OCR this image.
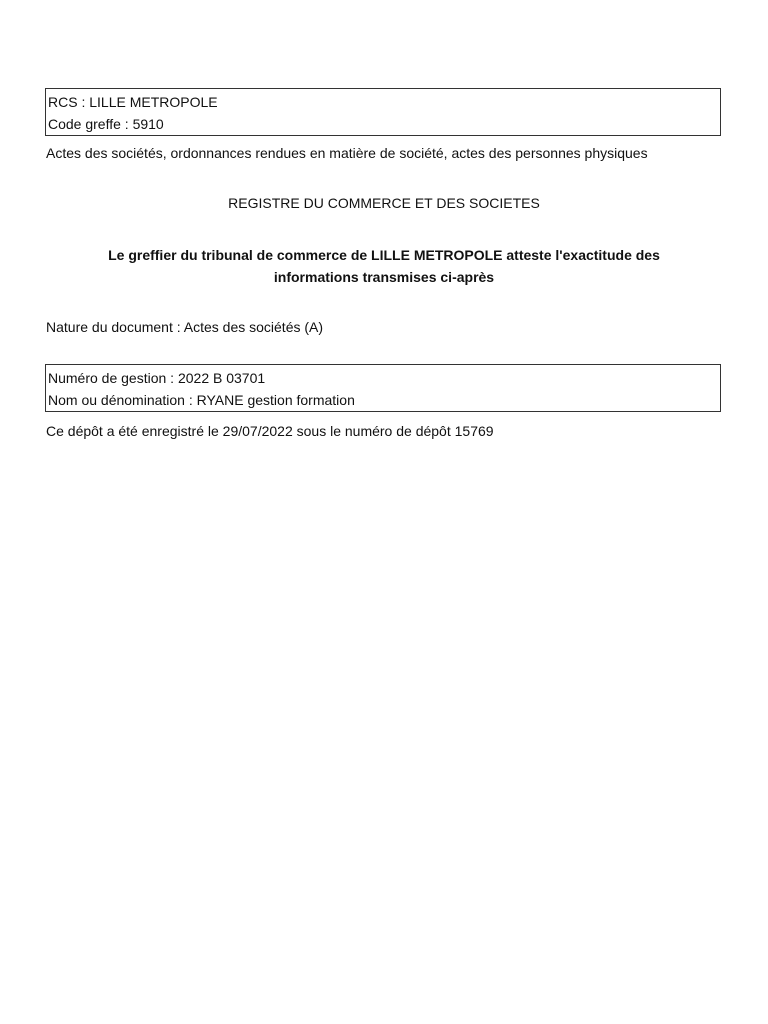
RCS : LILLE METROPOLE
Code greffe : 5910
Actes des sociétés, ordonnances rendues en matière de société, actes des personnes physiques
REGISTRE DU COMMERCE ET DES SOCIETES
Le greffier du tribunal de commerce de LILLE METROPOLE atteste l'exactitude des
informations transmises ci-après
Nature du document : Actes des sociétés (A)
Numéro de gestion : 2022 B 03701
Nom ou dénomination : RYANE gestion formation
Ce dépôt a été enregistré le 29/07/2022 sous le numéro de dépôt 15769
